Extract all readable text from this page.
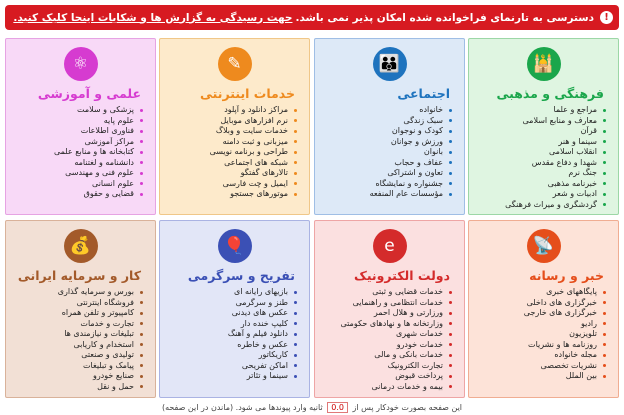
!
دسترسی به تارنمای فراخوانده شده امکان پذیر نمی باشد.
جهت رسیدگی به گزارش ها و شکایات اینجا کلیک کنید.
🕌
فرهنگی و مذهبی
مراجع و علما
معارف و منابع اسلامی
قرآن
سینما و هنر
انقلاب اسلامی
شهدا و دفاع مقدس
جنگ نرم
خبرنامه مذهبی
ادبیات و شعر
گردشگری و میراث فرهنگی
👪
اجتماعی
خانواده
سبک زندگی
کودک و نوجوان
ورزش و جوانان
بانوان
عفاف و حجاب
تعاون و اشتراکی
جشنواره و نمایشگاه
مؤسسات عام المنفعه
✎
خدمات اینترنتی
مراکز دانلود و آپلود
نرم افزارهای موبایل
خدمات سایت و وبلاگ
میزبانی و ثبت دامنه
طراحی و برنامه نویسی
شبکه های اجتماعی
تالارهای گفتگو
ایمیل و چت فارسی
موتورهای جستجو
⚛
علمی و آموزشی
پزشکی و سلامت
علوم پایه
فناوری اطلاعات
مراکز آموزشی
کتابخانه ها و منابع علمی
دانشنامه و لغتنامه
علوم فنی و مهندسی
علوم انسانی
قضایی و حقوق
📡
خبر و رسانه
پایگاههای خبری
خبرگزاری های داخلی
خبرگزاری های خارجی
رادیو
تلویزیون
روزنامه ها و نشریات
مجله خانواده
نشریات تخصصی
بین الملل
e
دولت الکترونیک
خدمات قضایی و ثبتی
خدمات انتظامی و راهنمایی
ورزارتی و هلال احمر
وزارتخانه ها و نهادهای حکومتی
خدمات شهری
خدمات خودرو
خدمات بانکی و مالی
تجارت الکترونیک
پرداخت قبوض
بیمه و خدمات درمانی
🎈
تفریح و سرگرمی
بازیهای رایانه ای
طنز و سرگرمی
عکس های دیدنی
کلیپ خنده دار
دانلود فیلم و آهنگ
عکس و خاطره
کاریکاتور
اماکن تفریحی
سینما و تئاتر
💰
کار و سرمایه ایرانی
بورس و سرمایه گذاری
فروشگاه اینترنتی
کامپیوتر و تلفن همراه
تجارت و خدمات
تبلیغات و نیازمندی ها
استخدام و کاریابی
تولیدی و صنعتی
پیامک و تبلیغات
صنایع خودرو
حمل و نقل
این صفحه بصورت خودکار پس از 0.0 ثانیه وارد پیوندها می شود. (ماندن در این صفحه)
